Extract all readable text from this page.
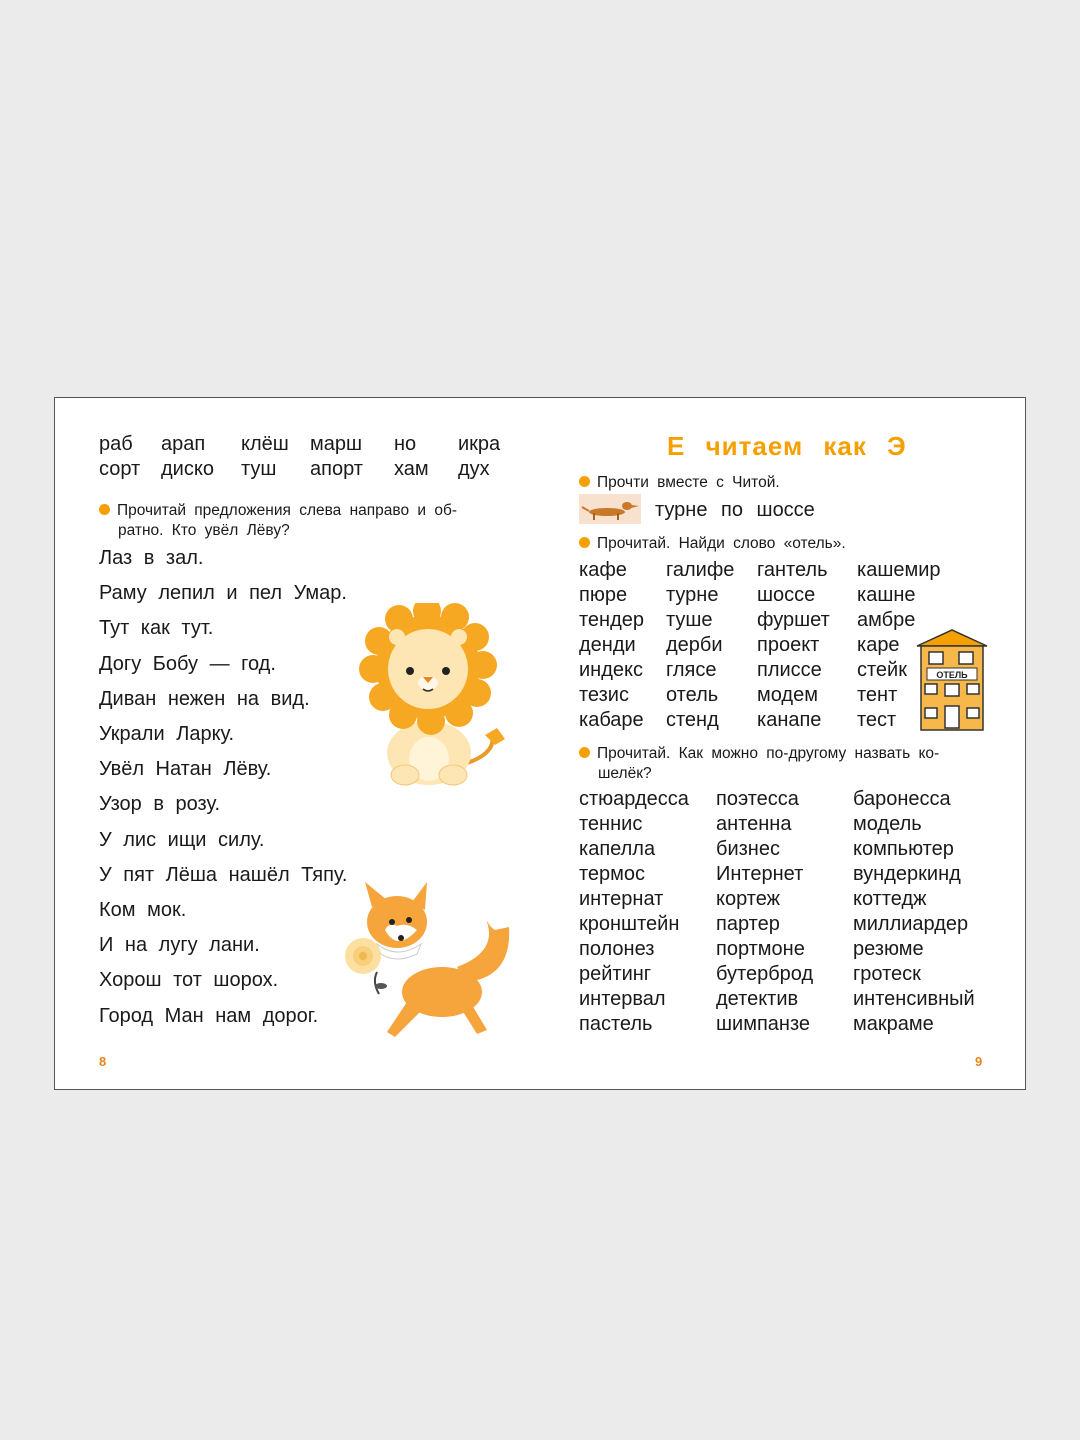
раб арап клёш марш но икра
сорт диско туш апорт хам дух
Прочитай предложения слева направо и об-
ратно. Кто увёл Лёву?
Лаз в зал.
Раму лепил и пел Умар.
Тут как тут.
Догу Бобу — год.
Диван нежен на вид.
Украли Ларку.
Увёл Натан Лёву.
Узор в розу.
У лис ищи силу.
У пят Лёша нашёл Тяпу.
Ком мок.
И на лугу лани.
Хорош тот шорох.
Город Ман нам дорог.
8
Е читаем как Э
Прочти вместе с Читой.
турне по шоссе
Прочитай. Найди слово «отель».
кафе
пюре
тендер
денди
индекс
тезис
кабаре
галифе
турне
туше
дерби
глясе
отель
стенд
гантель
шоссе
фуршет
проект
плиссе
модем
канапе
кашемир
кашне
амбре
каре
стейк
тент
тест
ОТЕЛЬ
Прочитай. Как можно по-другому назвать ко-
шелёк?
стюардесса
теннис
капелла
термос
интернат
кронштейн
полонез
рейтинг
интервал
пастель
поэтесса
антенна
бизнес
Интернет
кортеж
партер
портмоне
бутерброд
детектив
шимпанзе
баронесса
модель
компьютер
вундеркинд
коттедж
миллиардер
резюме
гротеск
интенсивный
макраме
9
